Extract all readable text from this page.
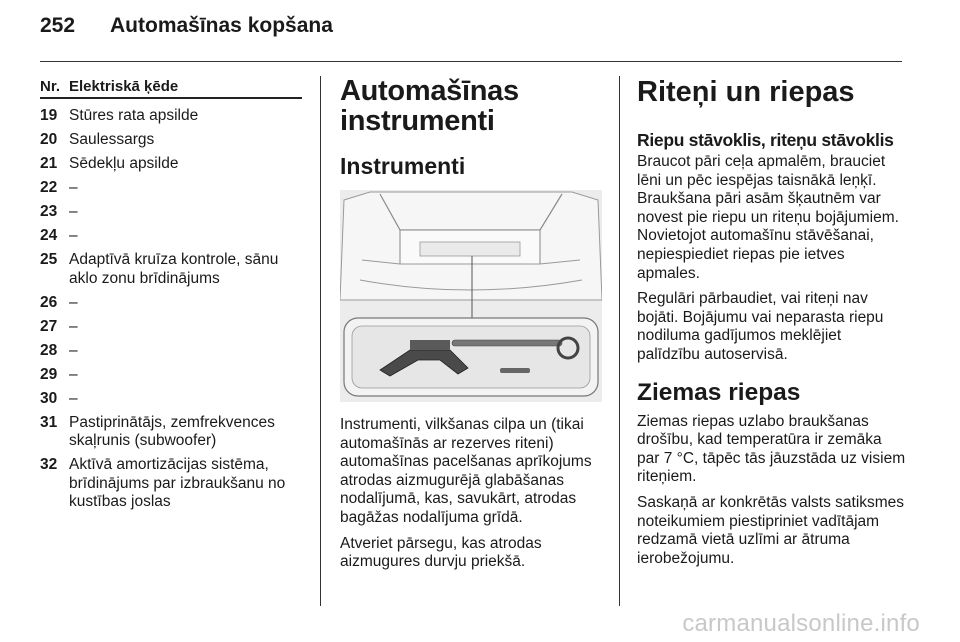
252 Automašīnas kopšana
Nr. Elektriskā ķēde
19 Stūres rata apsilde
20 Saulessargs
21 Sēdekļu apsilde
22 –
23 –
24 –
25 Adaptīvā kruīza kontrole, sānu aklo zonu brīdinājums
26 –
27 –
28 –
29 –
30 –
31 Pastiprinātājs, zemfrekvences skaļrunis (subwoofer)
32 Aktīvā amortizācijas sistēma, brīdinājums par izbraukšanu no kustības joslas
Automašīnas instrumenti
Instrumenti

Instrumenti, vilkšanas cilpa un (tikai automašīnās ar rezerves riteni) automašīnas pacelšanas aprīkojums atrodas aizmugurējā glabāšanas nodalījumā, kas, savukārt, atrodas bagāžas nodalījuma grīdā.

Atveriet pārsegu, kas atrodas aizmugures durvju priekšā.

Riteņi un riepas
Riepu stāvoklis, riteņu stāvoklis

Braucot pāri ceļa apmalēm, brauciet lēni un pēc iespējas taisnākā leņķī. Braukšana pāri asām šķautnēm var novest pie riepu un riteņu bojājumiem. Novietojot automašīnu stāvēšanai, nepiespiediet riepas pie ietves apmales.

Regulāri pārbaudiet, vai riteņi nav bojāti. Bojājumu vai neparasta riepu nodiluma gadījumos meklējiet palīdzību autoservisā.

Ziemas riepas

Ziemas riepas uzlabo braukšanas drošību, kad temperatūra ir zemāka par 7 °C, tāpēc tās jāuzstāda uz visiem riteņiem.

Saskaņā ar konkrētās valsts satiksmes noteikumiem piestipriniet vadītājam redzamā vietā uzlīmi ar ātruma ierobežojumu.

carmanualsonline.info
